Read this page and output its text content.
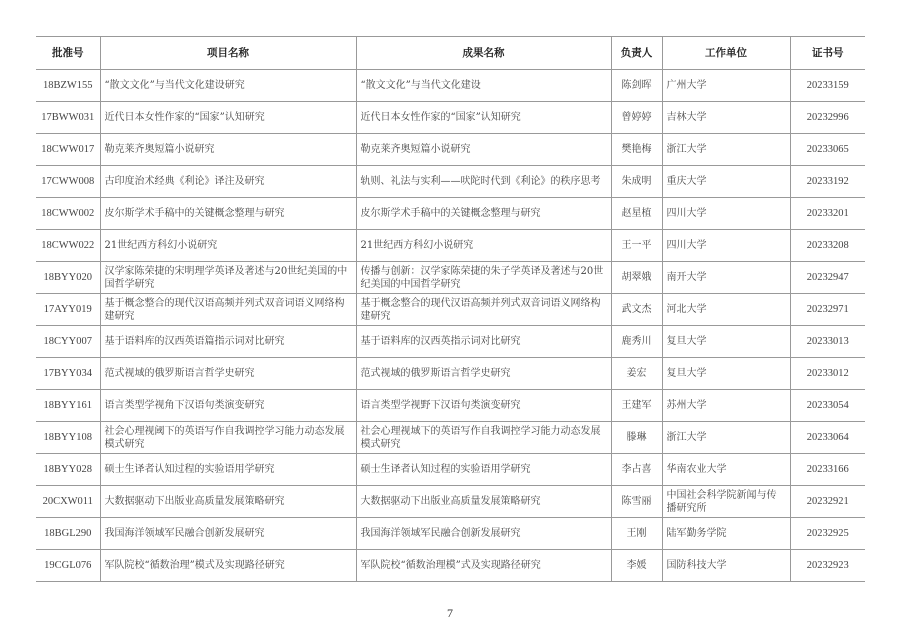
批准号	项目名称	成果名称	负责人	工作单位	证书号
18BZW155	“散文文化”与当代文化建设研究	“散文文化”与当代文化建设	陈剑晖	广州大学	20233159
17BWW031	近代日本女性作家的“国家”认知研究	近代日本女性作家的“国家”认知研究	曾婷婷	吉林大学	20232996
18CWW017	勒克莱齐奥短篇小说研究	勒克莱齐奥短篇小说研究	樊艳梅	浙江大学	20233065
17CWW008	古印度治术经典《利论》译注及研究	轨则、礼法与实利——吠陀时代到《利论》的秩序思考	朱成明	重庆大学	20233192
18CWW002	皮尔斯学术手稿中的关键概念整理与研究	皮尔斯学术手稿中的关键概念整理与研究	赵星植	四川大学	20233201
18CWW022	21世纪西方科幻小说研究	21世纪西方科幻小说研究	王一平	四川大学	20233208
18BYY020	汉学家陈荣捷的宋明理学英译及著述与20世纪美国的中国哲学研究	传播与创新：汉学家陈荣捷的朱子学英译及著述与20世纪美国的中国哲学研究	胡翠娥	南开大学	20232947
17AYY019	基于概念整合的现代汉语高频并列式双音词语义网络构建研究	基于概念整合的现代汉语高频并列式双音词语义网络构建研究	武文杰	河北大学	20232971
18CYY007	基于语料库的汉西英语篇指示词对比研究	基于语料库的汉西英指示词对比研究	鹿秀川	复旦大学	20233013
17BYY034	范式视域的俄罗斯语言哲学史研究	范式视域的俄罗斯语言哲学史研究	姜宏	复旦大学	20233012
18BYY161	语言类型学视角下汉语句类演变研究	语言类型学视野下汉语句类演变研究	王建军	苏州大学	20233054
18BYY108	社会心理视阈下的英语写作自我调控学习能力动态发展模式研究	社会心理视域下的英语写作自我调控学习能力动态发展模式研究	滕琳	浙江大学	20233064
18BYY028	硕士生译者认知过程的实验语用学研究	硕士生译者认知过程的实验语用学研究	李占喜	华南农业大学	20233166
20CXW011	大数据驱动下出版业高质量发展策略研究	大数据驱动下出版业高质量发展策略研究	陈雪丽	中国社会科学院新闻与传播研究所	20232921
18BGL290	我国海洋领域军民融合创新发展研究	我国海洋领域军民融合创新发展研究	王刚	陆军勤务学院	20232925
19CGL076	军队院校“循数治理”模式及实现路径研究	军队院校“循数治理模”式及实现路径研究	李媛	国防科技大学	20232923
7
